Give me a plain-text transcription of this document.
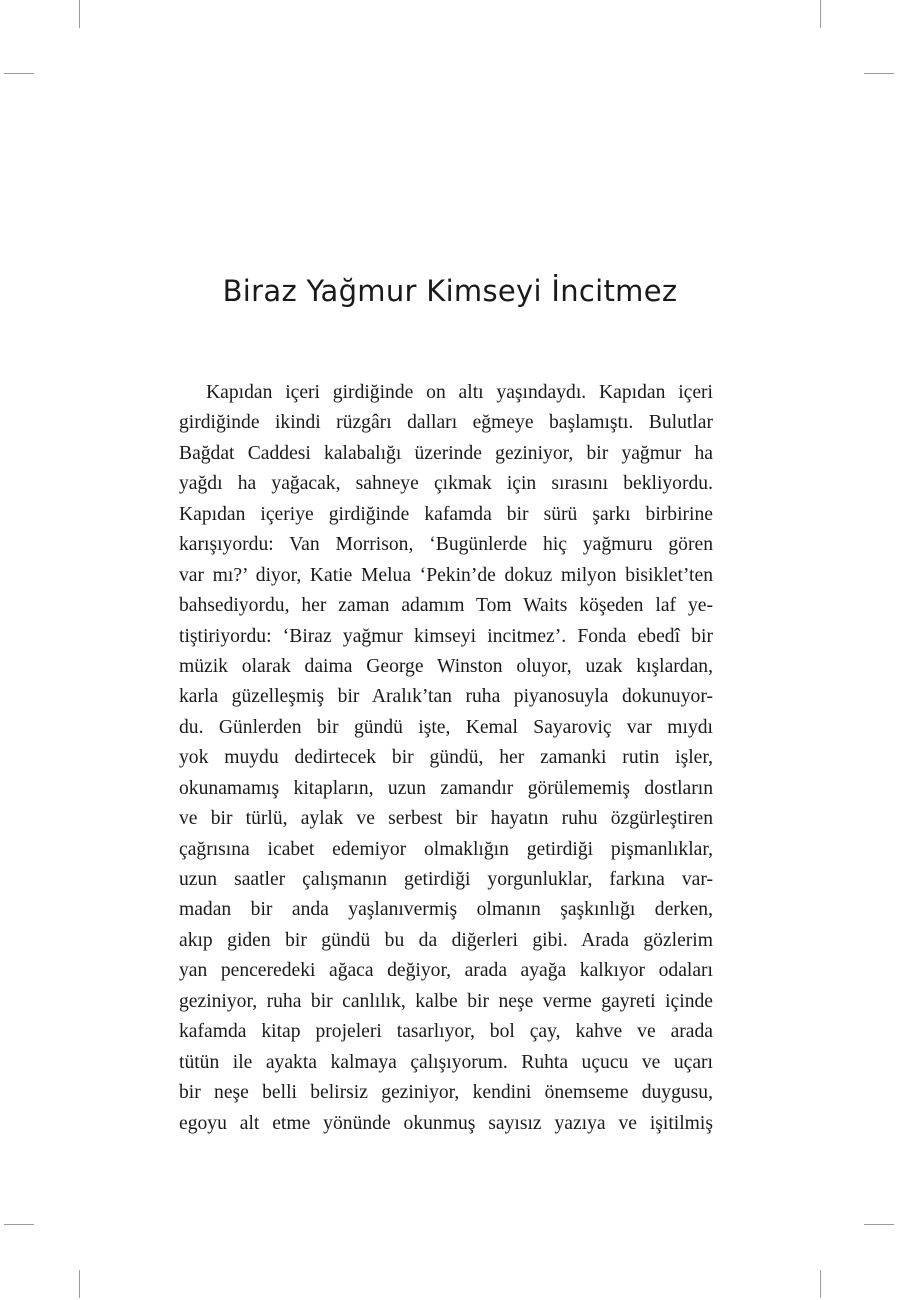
Biraz Yağmur Kimseyi İncitmez
Kapıdan içeri girdiğinde on altı yaşındaydı. Kapıdan içeri
girdiğinde ikindi rüzgârı dalları eğmeye başlamıştı. Bulutlar
Bağdat Caddesi kalabalığı üzerinde geziniyor, bir yağmur ha
yağdı ha yağacak, sahneye çıkmak için sırasını bekliyordu.
Kapıdan içeriye girdiğinde kafamda bir sürü şarkı birbirine
karışıyordu: Van Morrison, ‘Bugünlerde hiç yağmuru gören
var mı?’ diyor, Katie Melua ‘Pekin’de dokuz milyon bisiklet’ten
bahsediyordu, her zaman adamım Tom Waits köşeden laf ye-
tiştiriyordu: ‘Biraz yağmur kimseyi incitmez’. Fonda ebedî bir
müzik olarak daima George Winston oluyor, uzak kışlardan,
karla güzelleşmiş bir Aralık’tan ruha piyanosuyla dokunuyor-
du. Günlerden bir gündü işte, Kemal Sayaroviç var mıydı
yok muydu dedirtecek bir gündü, her zamanki rutin işler,
okunamamış kitapların, uzun zamandır görülememiş dostların
ve bir türlü, aylak ve serbest bir hayatın ruhu özgürleştiren
çağrısına icabet edemiyor olmaklığın getirdiği pişmanlıklar,
uzun saatler çalışmanın getirdiği yorgunluklar, farkına var-
madan bir anda yaşlanıvermiş olmanın şaşkınlığı derken,
akıp giden bir gündü bu da diğerleri gibi. Arada gözlerim
yan penceredeki ağaca değiyor, arada ayağa kalkıyor odaları
geziniyor, ruha bir canlılık, kalbe bir neşe verme gayreti içinde
kafamda kitap projeleri tasarlıyor, bol çay, kahve ve arada
tütün ile ayakta kalmaya çalışıyorum. Ruhta uçucu ve uçarı
bir neşe belli belirsiz geziniyor, kendini önemseme duygusu,
egoyu alt etme yönünde okunmuş sayısız yazıya ve işitilmiş
